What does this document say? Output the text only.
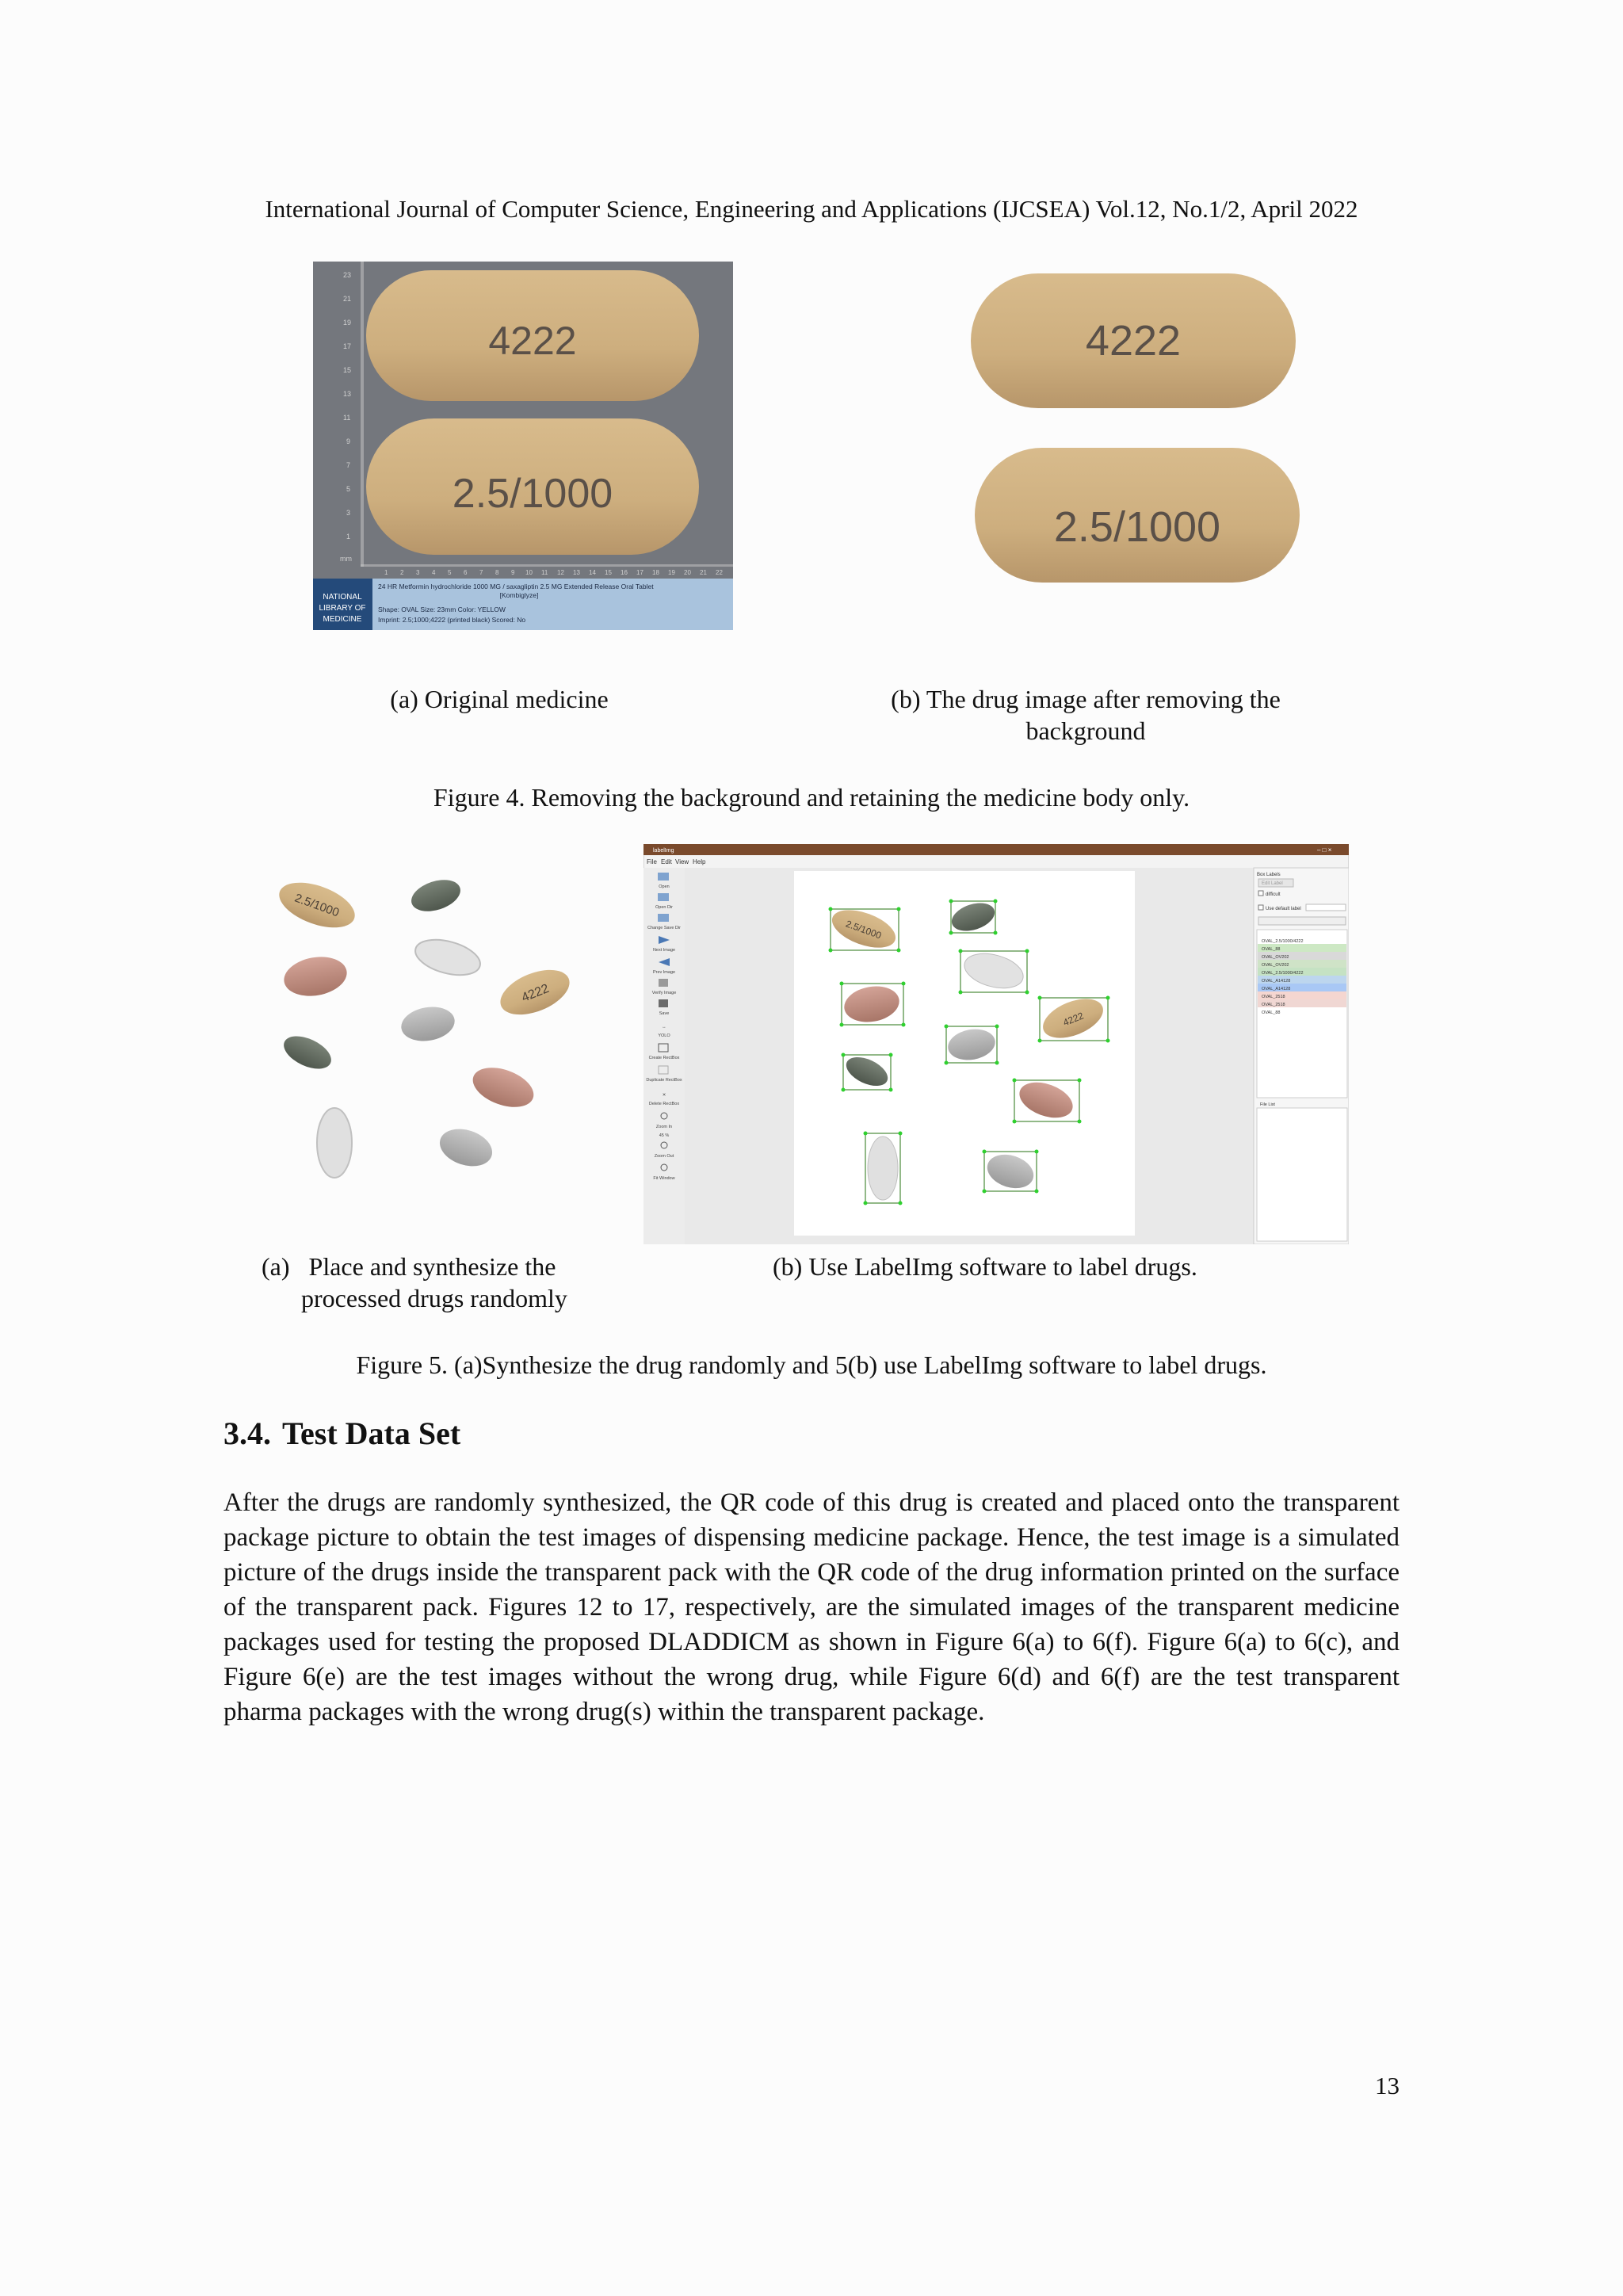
International Journal of Computer Science, Engineering and Applications (IJCSEA) Vol.12, No.1/2, April 2022
23
21
19
17
15
13
11
9
7
5
3
1
mm
1 2 3 4 5 6 7 8 9 10 11 12 13 14 15 16 17 18 19 20 21 22
4222
2.5/1000
NATIONAL
LIBRARY OF
MEDICINE
24 HR Metformin hydrochloride 1000 MG / saxagliptin 2.5 MG Extended Release Oral Tablet
[Kombiglyze]
Shape: OVAL Size: 23mm Color: YELLOW
Imprint: 2.5;1000;4222 (printed black) Scored: No
4222
2.5/1000
(a) Original medicine	(b) The drug image after removing the
background
Figure 4. Removing the background and retaining the medicine body only.
2.5/1000
4222
labelImg	– □ ×
File Edit View Help
Open
Open Dir
Change Save Dir
Next Image
Prev Image
Verify Image
Save
↔
YOLO
Create RectBox
Duplicate RectBox
✕
Delete RectBox
Zoom In
45 %
Zoom Out
Fit Window
2.5/1000
4222
Box Labels
Edit Label
difficult
Use default label
OVAL_2.5/1000/4222
OVAL_88
OVAL_OV202
OVAL_OV202
OVAL_2.5/1000/4222
OVAL_A14128
OVAL_A14128
OVAL_2518
OVAL_2518
OVAL_88
File List
(a) Place and synthesize the
processed drugs randomly
(b) Use LabelImg software to label drugs.
Figure 5. (a)Synthesize the drug randomly and 5(b) use LabelImg software to label drugs.
3.4. Test Data Set
After the drugs are randomly synthesized, the QR code of this drug is created and placed onto the transparent package picture to obtain the test images of dispensing medicine package. Hence, the test image is a simulated picture of the drugs inside the transparent pack with the QR code of the drug information printed on the surface of the transparent pack. Figures 12 to 17, respectively, are the simulated images of the transparent medicine packages used for testing the proposed DLADDICM as shown in Figure 6(a) to 6(f). Figure 6(a) to 6(c), and Figure 6(e) are the test images without the wrong drug, while Figure 6(d) and 6(f) are the test transparent pharma packages with the wrong drug(s) within the transparent package.
13
